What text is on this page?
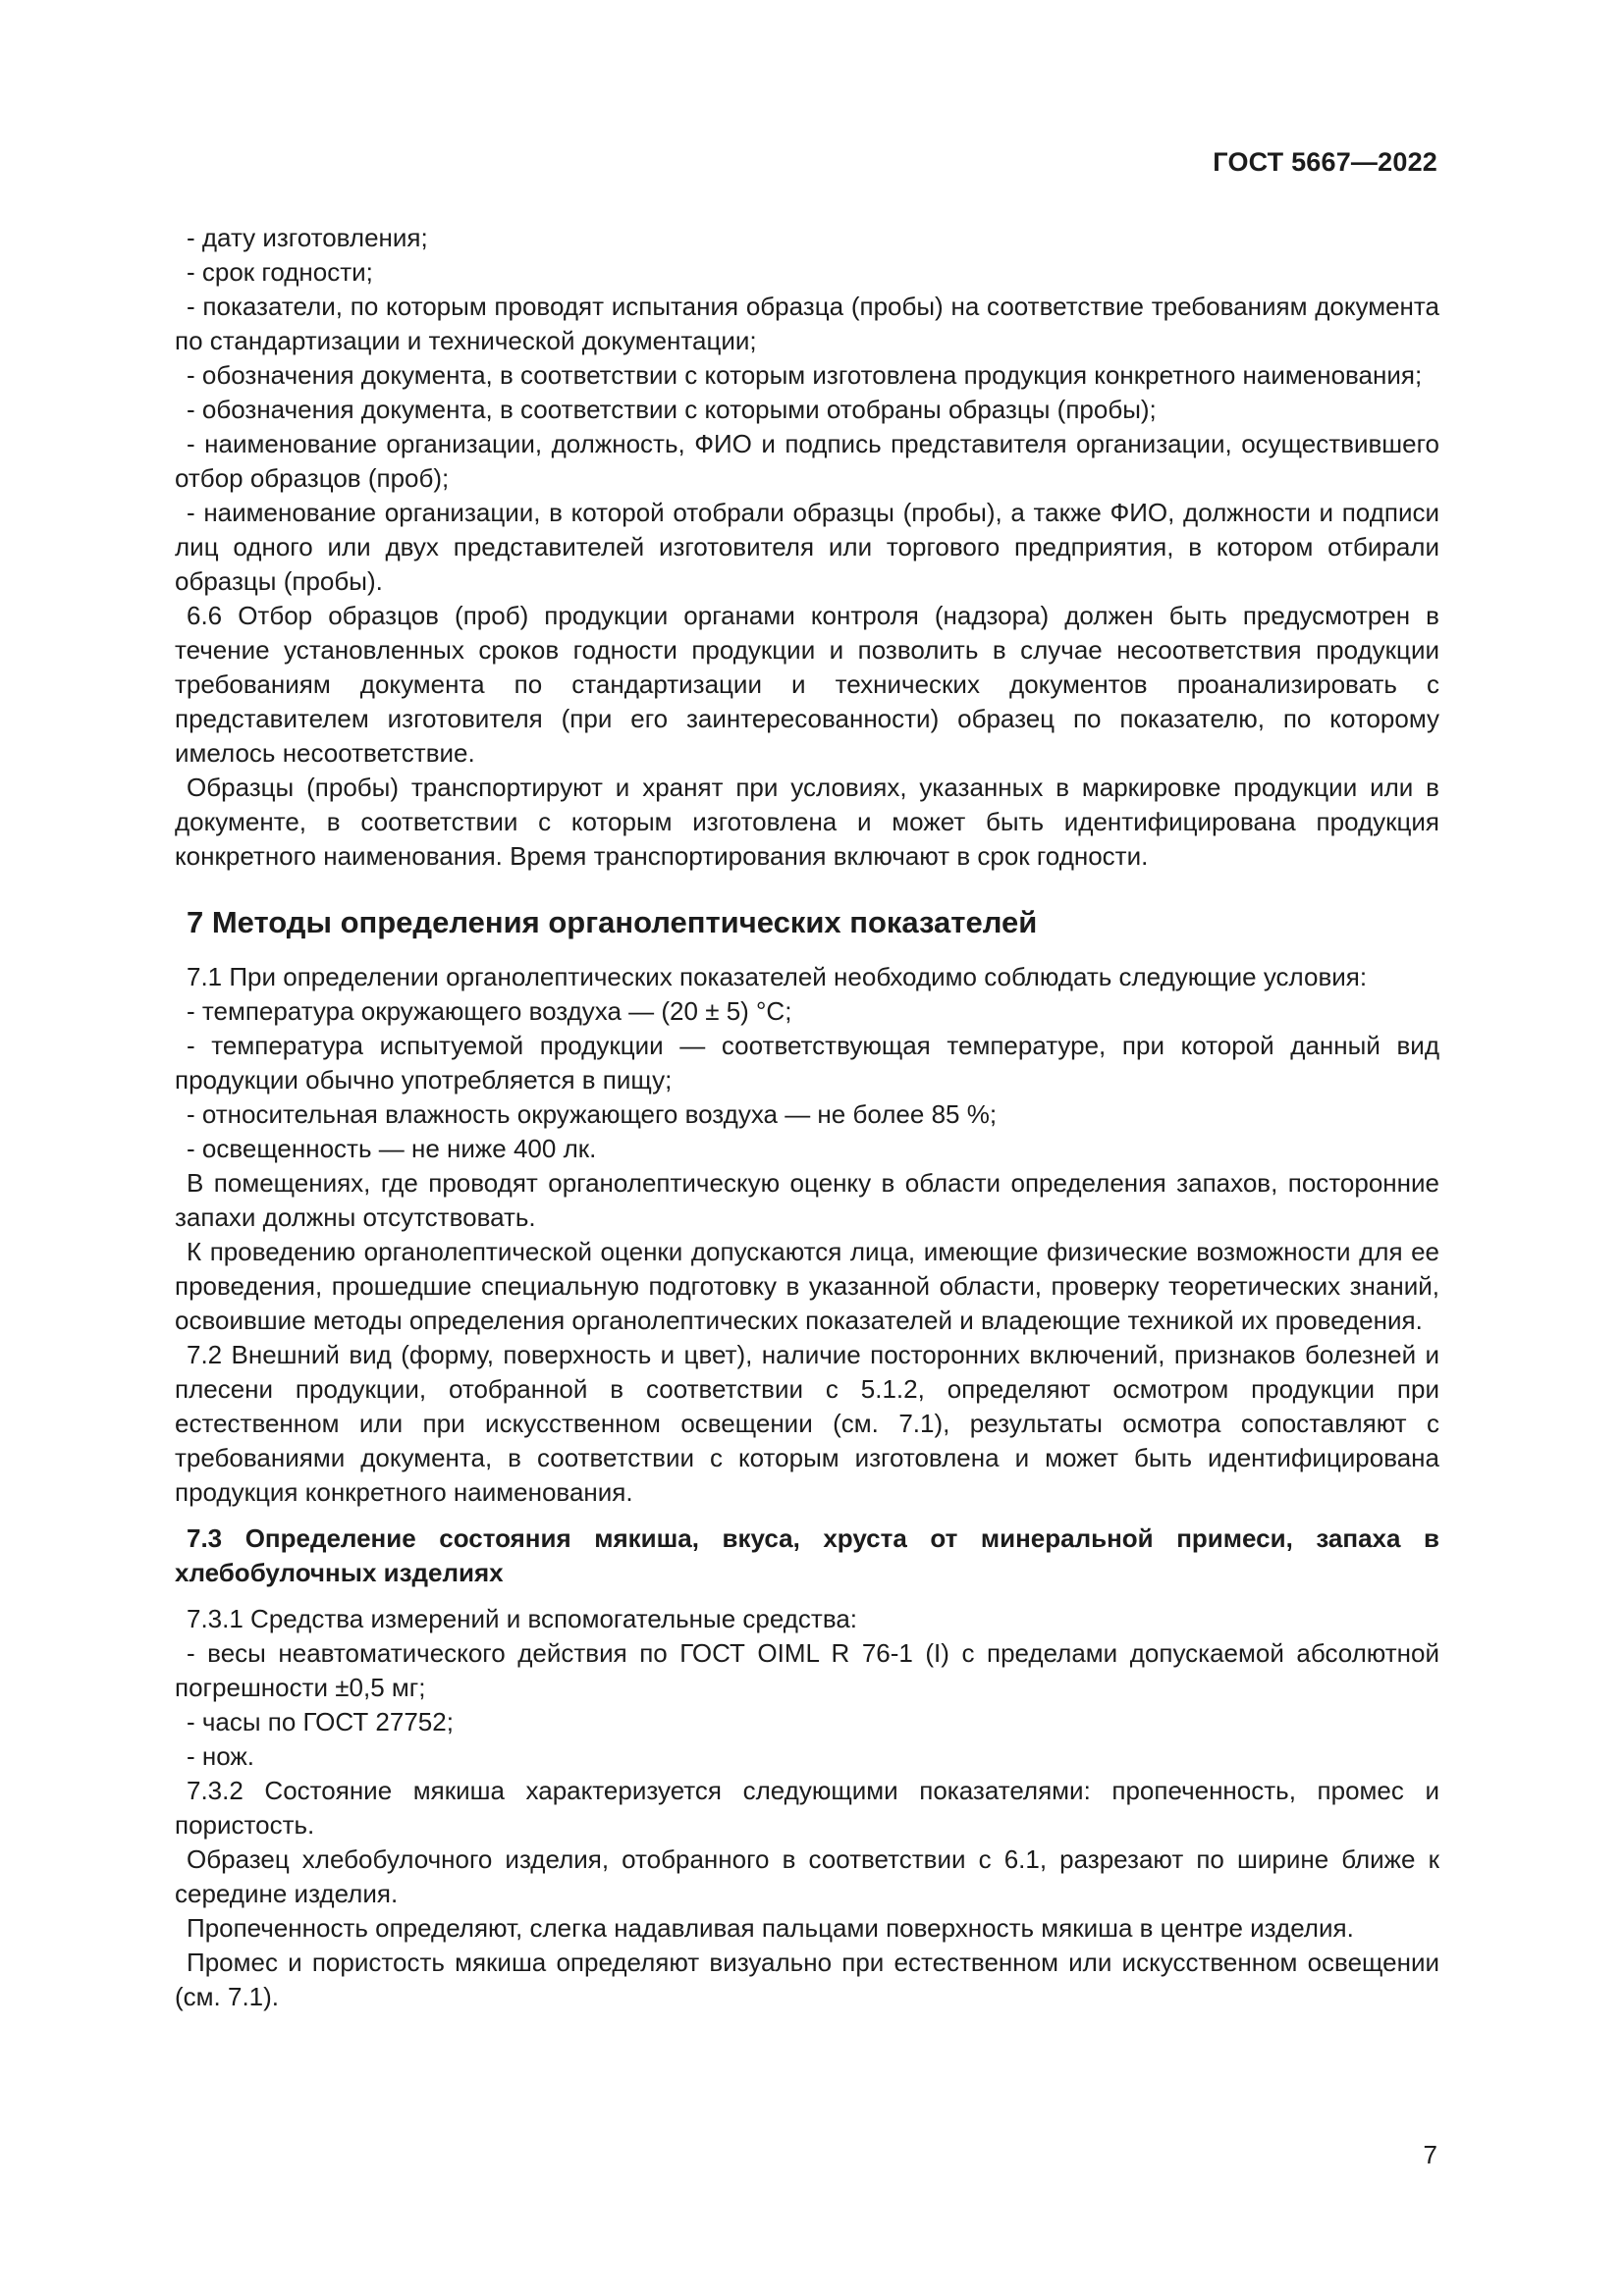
ГОСТ 5667—2022

- дату изготовления;

- срок годности;

- показатели, по которым проводят испытания образца (пробы) на соответствие требованиям документа по стандартизации и технической документации;

- обозначения документа, в соответствии с которым изготовлена продукция конкретного наименования;

- обозначения документа, в соответствии с которыми отобраны образцы (пробы);

- наименование организации, должность, ФИО и подпись представителя организации, осуществившего отбор образцов (проб);

- наименование организации, в которой отобрали образцы (пробы), а также ФИО, должности и подписи лиц одного или двух представителей изготовителя или торгового предприятия, в котором отбирали образцы (пробы).

6.6 Отбор образцов (проб) продукции органами контроля (надзора) должен быть предусмотрен в течение установленных сроков годности продукции и позволить в случае несоответствия продукции требованиям документа по стандартизации и технических документов проанализировать с представителем изготовителя (при его заинтересованности) образец по показателю, по которому имелось несоответствие.

Образцы (пробы) транспортируют и хранят при условиях, указанных в маркировке продукции или в документе, в соответствии с которым изготовлена и может быть идентифицирована продукция конкретного наименования. Время транспортирования включают в срок годности.

7 Методы определения органолептических показателей

7.1 При определении органолептических показателей необходимо соблюдать следующие условия:

- температура окружающего воздуха — (20 ± 5) °C;

- температура испытуемой продукции — соответствующая температуре, при которой данный вид продукции обычно употребляется в пищу;

- относительная влажность окружающего воздуха — не более 85 %;

- освещенность — не ниже 400 лк.

В помещениях, где проводят органолептическую оценку в области определения запахов, посторонние запахи должны отсутствовать.

К проведению органолептической оценки допускаются лица, имеющие физические возможности для ее проведения, прошедшие специальную подготовку в указанной области, проверку теоретических знаний, освоившие методы определения органолептических показателей и владеющие техникой их проведения.

7.2 Внешний вид (форму, поверхность и цвет), наличие посторонних включений, признаков болезней и плесени продукции, отобранной в соответствии с 5.1.2, определяют осмотром продукции при естественном или при искусственном освещении (см. 7.1), результаты осмотра сопоставляют с требованиями документа, в соответствии с которым изготовлена и может быть идентифицирована продукция конкретного наименования.

7.3 Определение состояния мякиша, вкуса, хруста от минеральной примеси, запаха в хлебобулочных изделиях

7.3.1 Средства измерений и вспомогательные средства:

- весы неавтоматического действия по ГОСТ OIML R 76-1 (I) с пределами допускаемой абсолютной погрешности ±0,5 мг;

- часы по ГОСТ 27752;

- нож.

7.3.2 Состояние мякиша характеризуется следующими показателями: пропеченность, промес и пористость.

Образец хлебобулочного изделия, отобранного в соответствии с 6.1, разрезают по ширине ближе к середине изделия.

Пропеченность определяют, слегка надавливая пальцами поверхность мякиша в центре изделия.

Промес и пористость мякиша определяют визуально при естественном или искусственном освещении (см. 7.1).

7
